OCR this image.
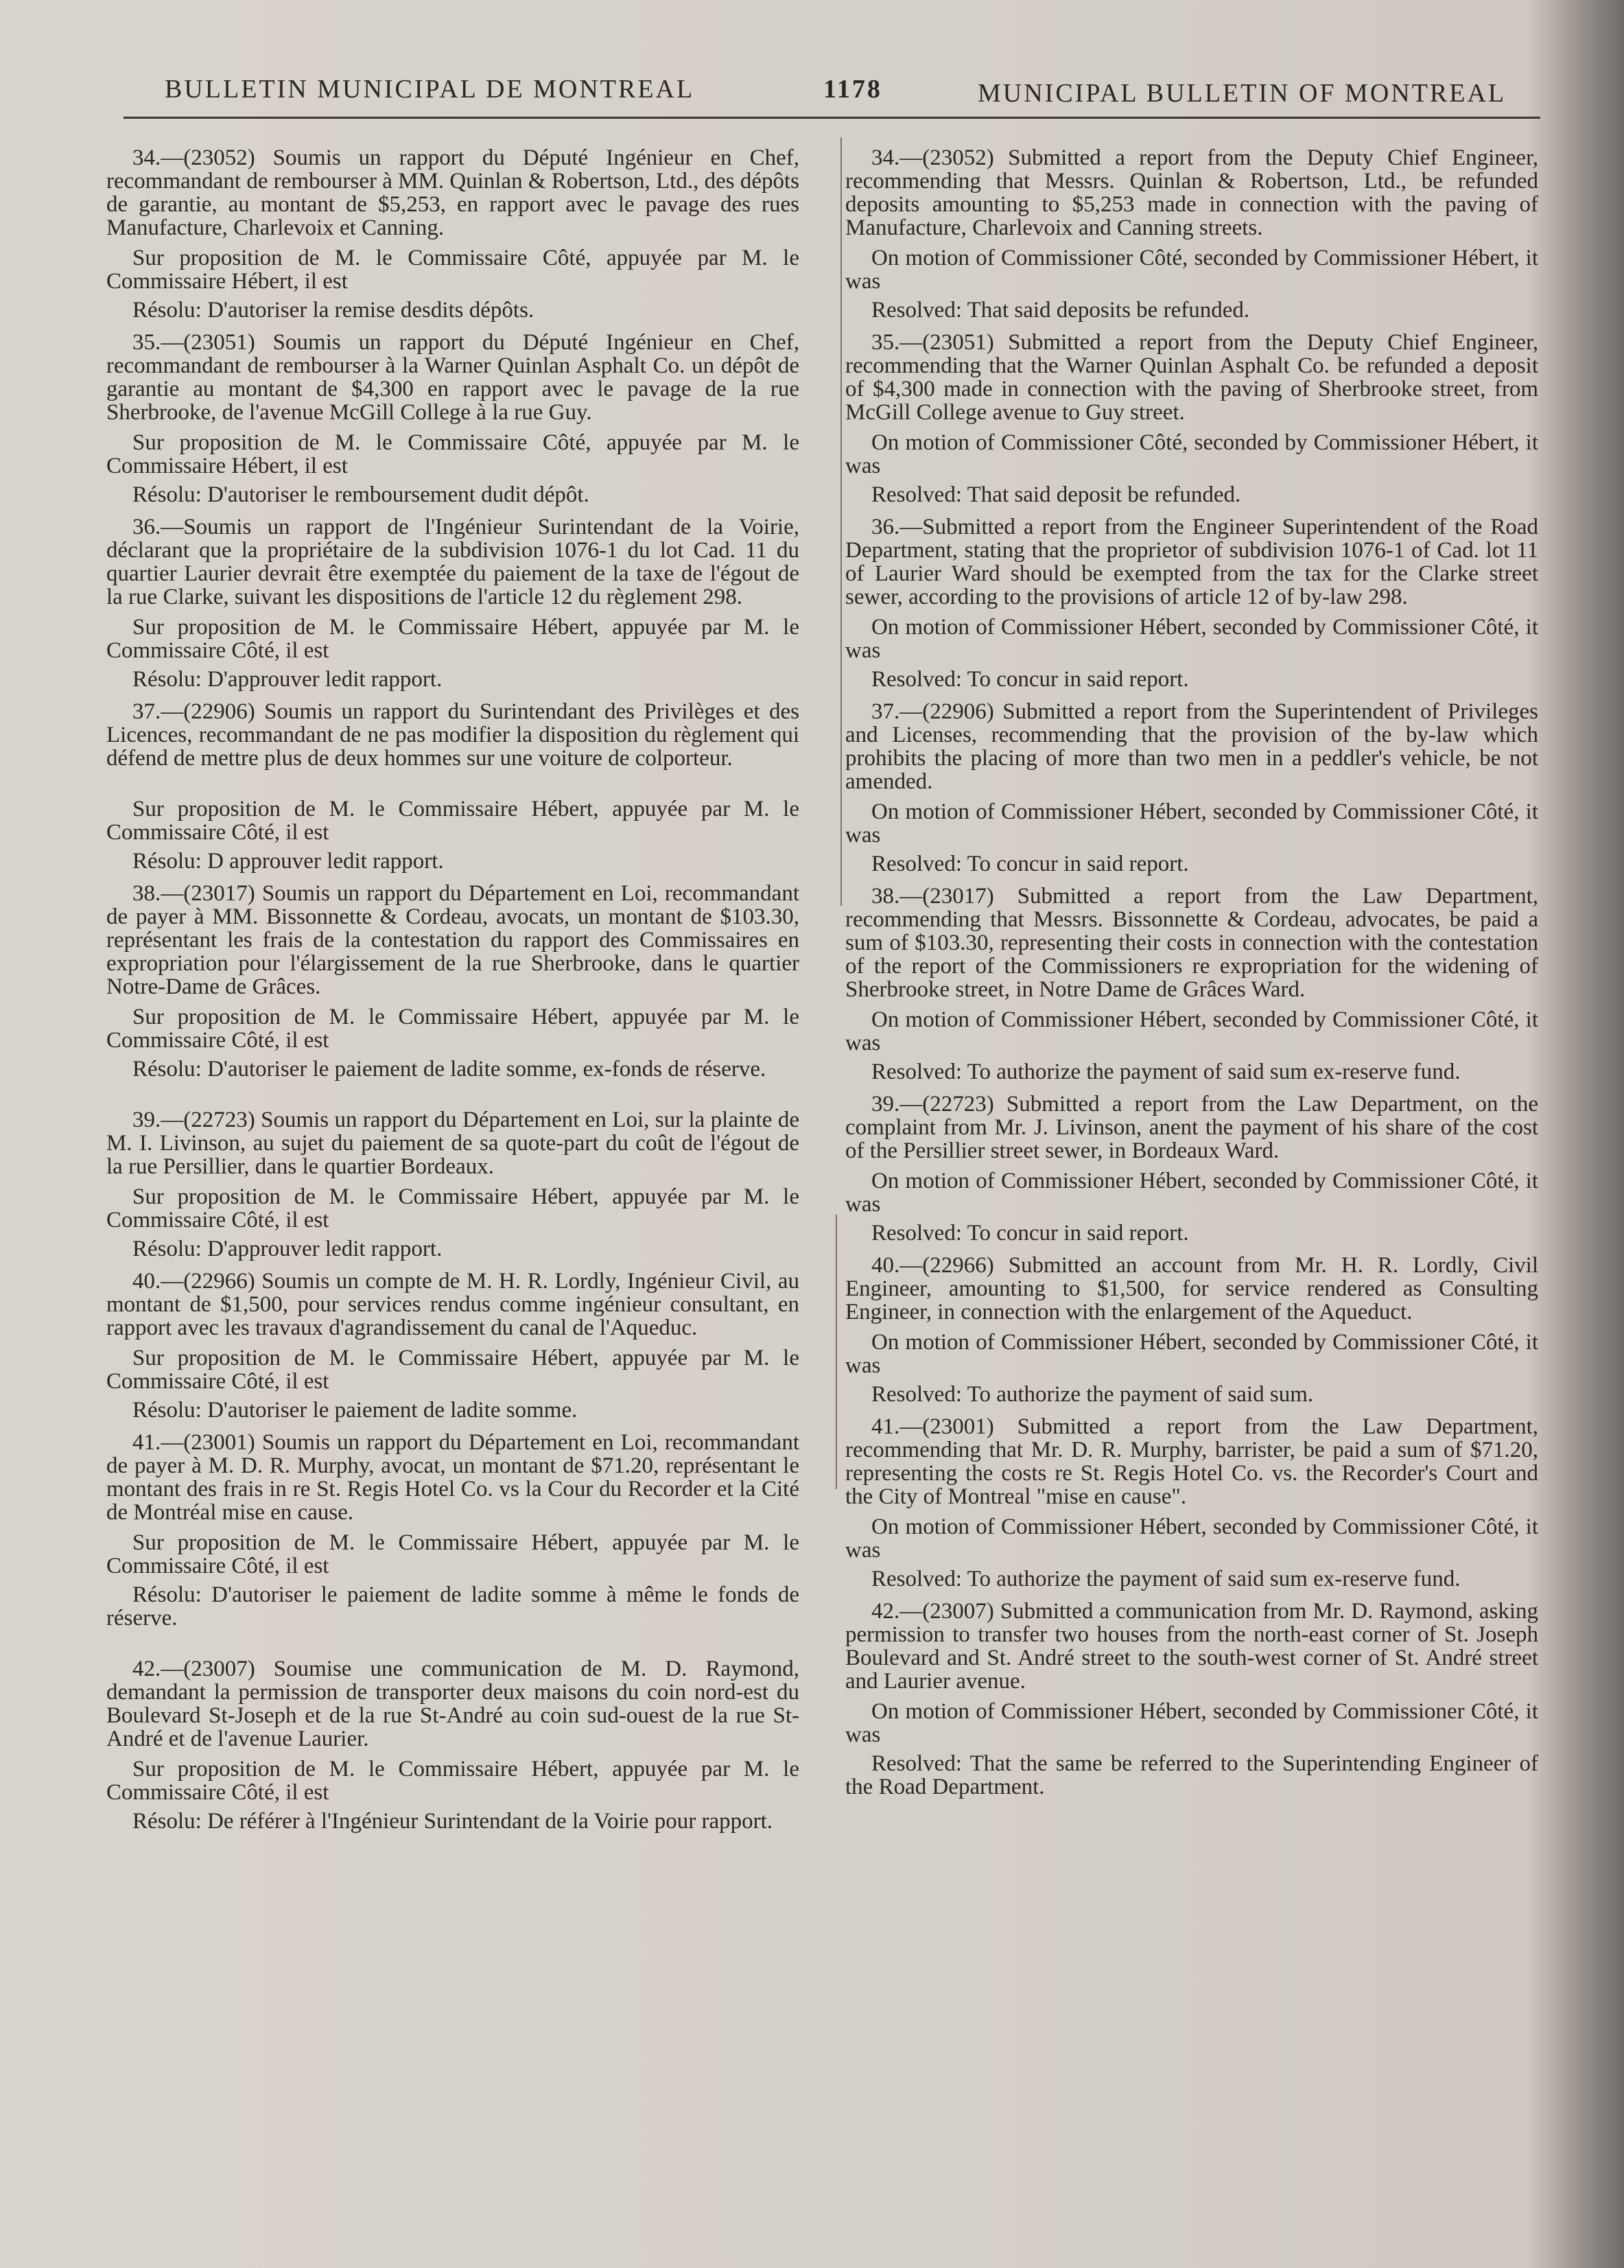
BULLETIN MUNICIPAL DE MONTREAL	1178	MUNICIPAL BULLETIN OF MONTREAL

34.—(23052) Soumis un rapport du Député Ingénieur en Chef, recommandant de rembourser à MM. Quinlan & Robertson, Ltd., des dépôts de garantie, au montant de $5,253, en rapport avec le pavage des rues Manufacture, Charlevoix et Canning.

Sur proposition de M. le Commissaire Côté, appuyée par M. le Commissaire Hébert, il est

Résolu: D'autoriser la remise desdits dépôts.

35.—(23051) Soumis un rapport du Député Ingénieur en Chef, recommandant de rembourser à la Warner Quinlan Asphalt Co. un dépôt de garantie au montant de $4,300 en rapport avec le pavage de la rue Sherbrooke, de l'avenue McGill College à la rue Guy.

Sur proposition de M. le Commissaire Côté, appuyée par M. le Commissaire Hébert, il est

Résolu: D'autoriser le remboursement dudit dépôt.

36.—Soumis un rapport de l'Ingénieur Surintendant de la Voirie, déclarant que la propriétaire de la subdivision 1076-1 du lot Cad. 11 du quartier Laurier devrait être exemptée du paiement de la taxe de l'égout de la rue Clarke, suivant les dispositions de l'article 12 du règlement 298.

Sur proposition de M. le Commissaire Hébert, appuyée par M. le Commissaire Côté, il est

Résolu: D'approuver ledit rapport.

37.—(22906) Soumis un rapport du Surintendant des Privilèges et des Licences, recommandant de ne pas modifier la disposition du règlement qui défend de mettre plus de deux hommes sur une voiture de colporteur.

Sur proposition de M. le Commissaire Hébert, appuyée par M. le Commissaire Côté, il est

Résolu: D approuver ledit rapport.

38.—(23017) Soumis un rapport du Département en Loi, recommandant de payer à MM. Bissonnette & Cordeau, avocats, un montant de $103.30, représentant les frais de la contestation du rapport des Commissaires en expropriation pour l'élargissement de la rue Sherbrooke, dans le quartier Notre-Dame de Grâces.

Sur proposition de M. le Commissaire Hébert, appuyée par M. le Commissaire Côté, il est

Résolu: D'autoriser le paiement de ladite somme, ex-fonds de réserve.

39.—(22723) Soumis un rapport du Département en Loi, sur la plainte de M. I. Livinson, au sujet du paiement de sa quote-part du coût de l'égout de la rue Persillier, dans le quartier Bordeaux.

Sur proposition de M. le Commissaire Hébert, appuyée par M. le Commissaire Côté, il est

Résolu: D'approuver ledit rapport.

40.—(22966) Soumis un compte de M. H. R. Lordly, Ingénieur Civil, au montant de $1,500, pour services rendus comme ingénieur consultant, en rapport avec les travaux d'agrandissement du canal de l'Aqueduc.

Sur proposition de M. le Commissaire Hébert, appuyée par M. le Commissaire Côté, il est

Résolu: D'autoriser le paiement de ladite somme.

41.—(23001) Soumis un rapport du Département en Loi, recommandant de payer à M. D. R. Murphy, avocat, un montant de $71.20, représentant le montant des frais in re St. Regis Hotel Co. vs la Cour du Recorder et la Cité de Montréal mise en cause.

Sur proposition de M. le Commissaire Hébert, appuyée par M. le Commissaire Côté, il est

Résolu: D'autoriser le paiement de ladite somme à même le fonds de réserve.

42.—(23007) Soumise une communication de M. D. Raymond, demandant la permission de transporter deux maisons du coin nord-est du Boulevard St-Joseph et de la rue St-André au coin sud-ouest de la rue St-André et de l'avenue Laurier.

Sur proposition de M. le Commissaire Hébert, appuyée par M. le Commissaire Côté, il est

Résolu: De référer à l'Ingénieur Surintendant de la Voirie pour rapport.

34.—(23052) Submitted a report from the Deputy Chief Engineer, recommending that Messrs. Quinlan & Robertson, Ltd., be refunded deposits amounting to $5,253 made in connection with the paving of Manufacture, Charlevoix and Canning streets.

On motion of Commissioner Côté, seconded by Commissioner Hébert, it was

Resolved: That said deposits be refunded.

35.—(23051) Submitted a report from the Deputy Chief Engineer, recommending that the Warner Quinlan Asphalt Co. be refunded a deposit of $4,300 made in connection with the paving of Sherbrooke street, from McGill College avenue to Guy street.

On motion of Commissioner Côté, seconded by Commissioner Hébert, it was

Resolved: That said deposit be refunded.

36.—Submitted a report from the Engineer Superintendent of the Road Department, stating that the proprietor of subdivision 1076-1 of Cad. lot 11 of Laurier Ward should be exempted from the tax for the Clarke street sewer, according to the provisions of article 12 of by-law 298.

On motion of Commissioner Hébert, seconded by Commissioner Côté, it was

Resolved: To concur in said report.

37.—(22906) Submitted a report from the Superintendent of Privileges and Licenses, recommending that the provision of the by-law which prohibits the placing of more than two men in a peddler's vehicle, be not amended.

On motion of Commissioner Hébert, seconded by Commissioner Côté, it was

Resolved: To concur in said report.

38.—(23017) Submitted a report from the Law Department, recommending that Messrs. Bissonnette & Cordeau, advocates, be paid a sum of $103.30, representing their costs in connection with the contestation of the report of the Commissioners re expropriation for the widening of Sherbrooke street, in Notre Dame de Grâces Ward.

On motion of Commissioner Hébert, seconded by Commissioner Côté, it was

Resolved: To authorize the payment of said sum ex-reserve fund.

39.—(22723) Submitted a report from the Law Department, on the complaint from Mr. J. Livinson, anent the payment of his share of the cost of the Persillier street sewer, in Bordeaux Ward.

On motion of Commissioner Hébert, seconded by Commissioner Côté, it was

Resolved: To concur in said report.

40.—(22966) Submitted an account from Mr. H. R. Lordly, Civil Engineer, amounting to $1,500, for service rendered as Consulting Engineer, in connection with the enlargement of the Aqueduct.

On motion of Commissioner Hébert, seconded by Commissioner Côté, it was

Resolved: To authorize the payment of said sum.

41.—(23001) Submitted a report from the Law Department, recommending that Mr. D. R. Murphy, barrister, be paid a sum of $71.20, representing the costs re St. Regis Hotel Co. vs. the Recorder's Court and the City of Montreal "mise en cause".

On motion of Commissioner Hébert, seconded by Commissioner Côté, it was

Resolved: To authorize the payment of said sum ex-reserve fund.

42.—(23007) Submitted a communication from Mr. D. Raymond, asking permission to transfer two houses from the north-east corner of St. Joseph Boulevard and St. André street to the south-west corner of St. André street and Laurier avenue.

On motion of Commissioner Hébert, seconded by Commissioner Côté, it was

Resolved: That the same be referred to the Superintending Engineer of the Road Department.
